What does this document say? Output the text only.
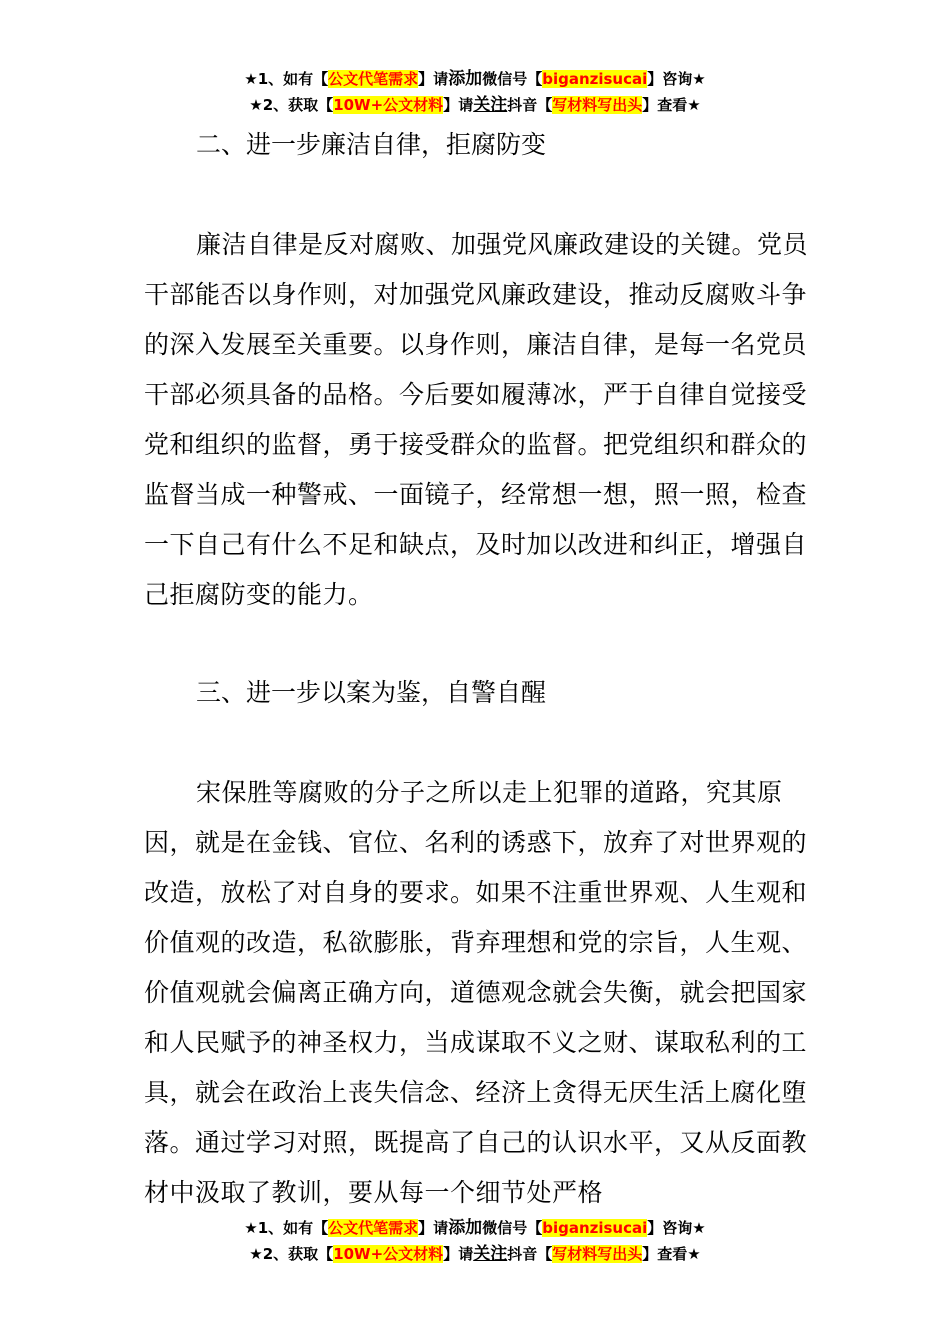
★1、如有【公文代笔需求】请添加微信号【biganzisucai】咨询★
★2、获取【10W+公文材料】请关注抖音【写材料写出头】查看★
二、进一步廉洁自律，拒腐防变

廉洁自律是反对腐败、加强党风廉政建设的关键。党员干部能否以身作则，对加强党风廉政建设，推动反腐败斗争的深入发展至关重要。以身作则，廉洁自律，是每一名党员干部必须具备的品格。今后要如履薄冰，严于自律自觉接受党和组织的监督，勇于接受群众的监督。把党组织和群众的监督当成一种警戒、一面镜子，经常想一想，照一照，检查一下自己有什么不足和缺点，及时加以改进和纠正，增强自己拒腐防变的能力。

三、进一步以案为鉴，自警自醒

宋保胜等腐败的分子之所以走上犯罪的道路，究其原因，就是在金钱、官位、名利的诱惑下，放弃了对世界观的改造，放松了对自身的要求。如果不注重世界观、人生观和价值观的改造，私欲膨胀，背弃理想和党的宗旨，人生观、价值观就会偏离正确方向，道德观念就会失衡，就会把国家和人民赋予的神圣权力，当成谋取不义之财、谋取私利的工具，就会在政治上丧失信念、经济上贪得无厌生活上腐化堕落。通过学习对照，既提高了自己的认识水平，又从反面教材中汲取了教训，要从每一个细节处严格

★1、如有【公文代笔需求】请添加微信号【biganzisucai】咨询★
★2、获取【10W+公文材料】请关注抖音【写材料写出头】查看★
